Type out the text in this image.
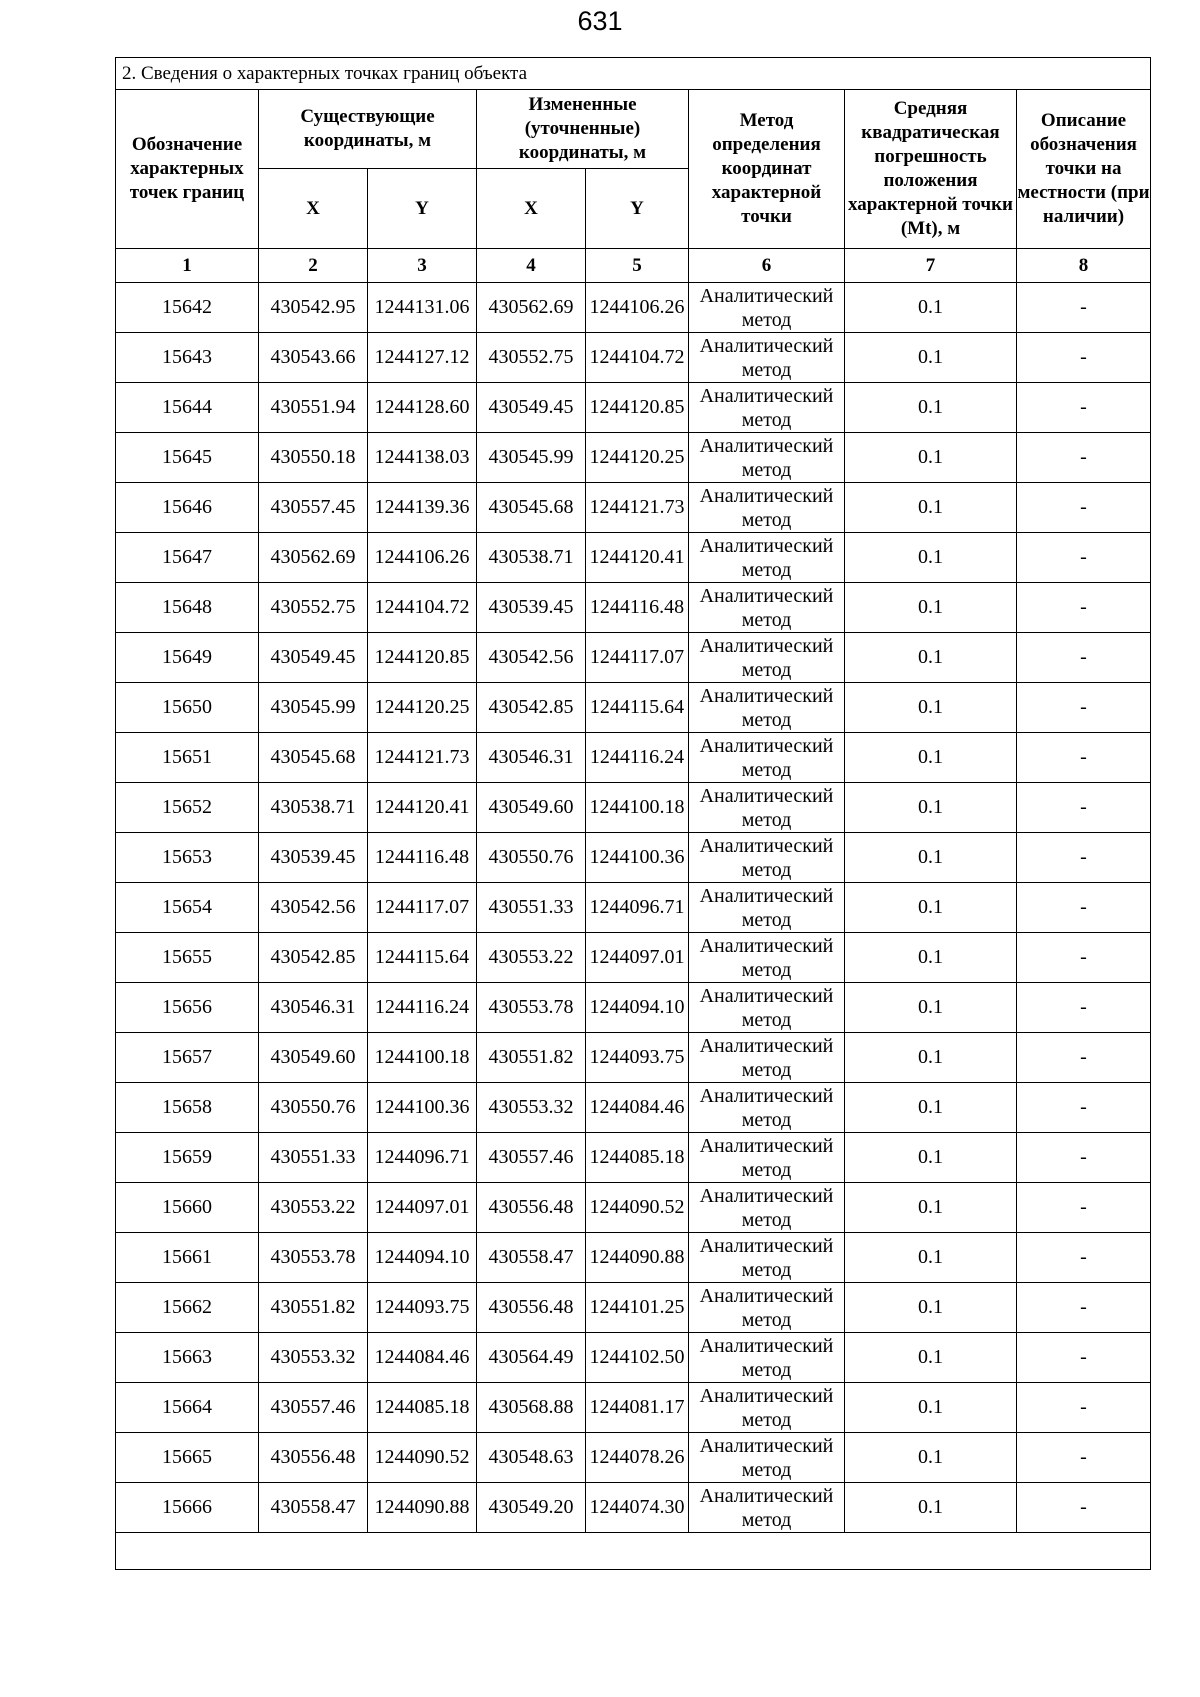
631
2. Сведения о характерных точках границ объекта							
Обозначение характерных точек границ	Существующие координаты, м		Измененные (уточненные) координаты, м		Метод определения координат характерной точки	Средняя квадратическая погрешность положения характерной точки (Mt), м	Описание обозначения точки на местности (при наличии)
	X	Y	X	Y			
1	2	3	4	5	6	7	8
15642	430542.95	1244131.06	430562.69	1244106.26	Аналитический метод	0.1	-
15643	430543.66	1244127.12	430552.75	1244104.72	Аналитический метод	0.1	-
15644	430551.94	1244128.60	430549.45	1244120.85	Аналитический метод	0.1	-
15645	430550.18	1244138.03	430545.99	1244120.25	Аналитический метод	0.1	-
15646	430557.45	1244139.36	430545.68	1244121.73	Аналитический метод	0.1	-
15647	430562.69	1244106.26	430538.71	1244120.41	Аналитический метод	0.1	-
15648	430552.75	1244104.72	430539.45	1244116.48	Аналитический метод	0.1	-
15649	430549.45	1244120.85	430542.56	1244117.07	Аналитический метод	0.1	-
15650	430545.99	1244120.25	430542.85	1244115.64	Аналитический метод	0.1	-
15651	430545.68	1244121.73	430546.31	1244116.24	Аналитический метод	0.1	-
15652	430538.71	1244120.41	430549.60	1244100.18	Аналитический метод	0.1	-
15653	430539.45	1244116.48	430550.76	1244100.36	Аналитический метод	0.1	-
15654	430542.56	1244117.07	430551.33	1244096.71	Аналитический метод	0.1	-
15655	430542.85	1244115.64	430553.22	1244097.01	Аналитический метод	0.1	-
15656	430546.31	1244116.24	430553.78	1244094.10	Аналитический метод	0.1	-
15657	430549.60	1244100.18	430551.82	1244093.75	Аналитический метод	0.1	-
15658	430550.76	1244100.36	430553.32	1244084.46	Аналитический метод	0.1	-
15659	430551.33	1244096.71	430557.46	1244085.18	Аналитический метод	0.1	-
15660	430553.22	1244097.01	430556.48	1244090.52	Аналитический метод	0.1	-
15661	430553.78	1244094.10	430558.47	1244090.88	Аналитический метод	0.1	-
15662	430551.82	1244093.75	430556.48	1244101.25	Аналитический метод	0.1	-
15663	430553.32	1244084.46	430564.49	1244102.50	Аналитический метод	0.1	-
15664	430557.46	1244085.18	430568.88	1244081.17	Аналитический метод	0.1	-
15665	430556.48	1244090.52	430548.63	1244078.26	Аналитический метод	0.1	-
15666	430558.47	1244090.88	430549.20	1244074.30	Аналитический метод	0.1	-
